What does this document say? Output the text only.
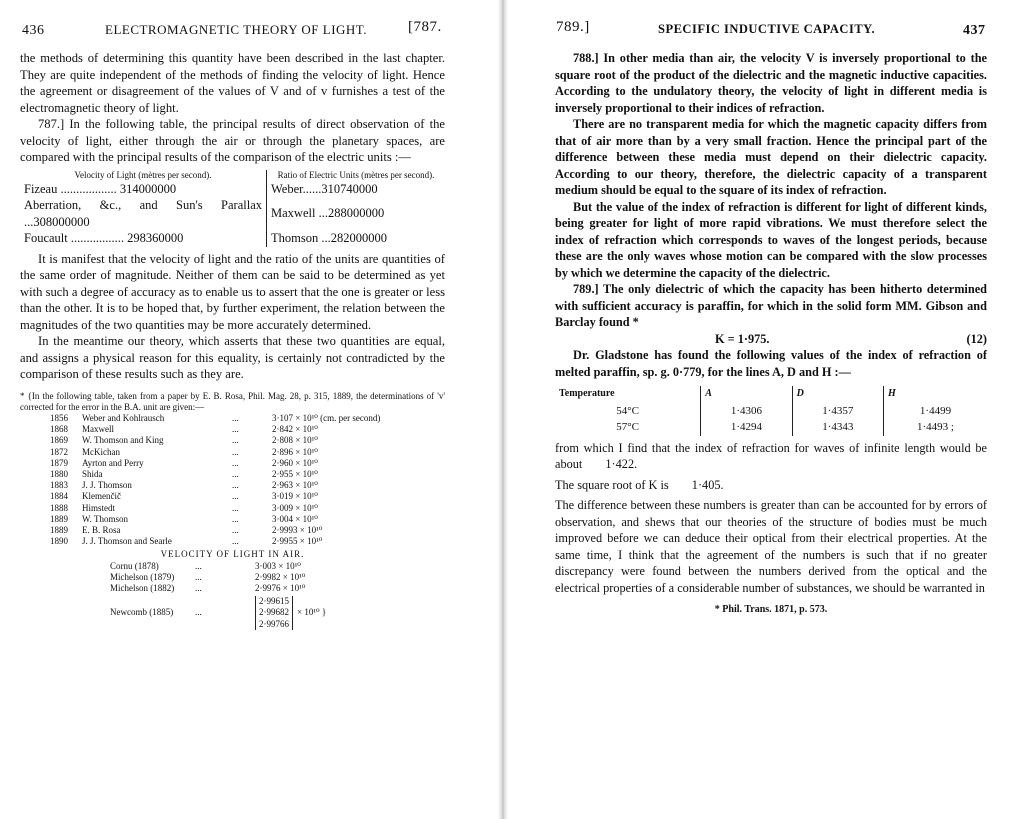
436	ELECTROMAGNETIC THEORY OF LIGHT.	[787.

the methods of determining this quantity have been described in the last chapter. They are quite independent of the methods of finding the velocity of light. Hence the agreement or disagreement of the values of V and of v furnishes a test of the electromagnetic theory of light.

787.] In the following table, the principal results of direct observation of the velocity of light, either through the air or through the planetary spaces, are compared with the principal results of the comparison of the electric units :—

Velocity of Light (mètres per second).	Ratio of Electric Units (mètres per second).
Fizeau .................. 314000000	Weber......310740000
Aberration, &c., and Sun's Parallax ...308000000	Maxwell ...288000000
Foucault ................. 298360000	Thomson ...282000000

It is manifest that the velocity of light and the ratio of the units are quantities of the same order of magnitude. Neither of them can be said to be determined as yet with such a degree of accuracy as to enable us to assert that the one is greater or less than the other. It is to be hoped that, by further experiment, the relation between the magnitudes of the two quantities may be more accurately determined.

In the meantime our theory, which asserts that these two quantities are equal, and assigns a physical reason for this equality, is certainly not contradicted by the comparison of these results such as they are.

* {In the following table, taken from a paper by E. B. Rosa, Phil. Mag. 28, p. 315, 1889, the determinations of 'v' corrected for the error in the B.A. unit are given:—
1856	Weber and Kohlrausch	...	3·107 × 10¹⁰ (cm. per second)
1868	Maxwell	...	2·842 × 10¹⁰
1869	W. Thomson and King	...	2·808 × 10¹⁰
1872	McKichan	...	2·896 × 10¹⁰
1879	Ayrton and Perry	...	2·960 × 10¹⁰
1880	Shida	...	2·955 × 10¹⁰
1883	J. J. Thomson	...	2·963 × 10¹⁰
1884	Klemenčič	...	3·019 × 10¹⁰
1888	Himstedt	...	3·009 × 10¹⁰
1889	W. Thomson	...	3·004 × 10¹⁰
1889	E. B. Rosa	...	2·9993 × 10¹⁰
1890	J. J. Thomson and Searle	...	2·9955 × 10¹⁰
VELOCITY OF LIGHT IN AIR.
Cornu (1878)	...	3·003 × 10¹⁰
Michelson (1879)	...	2·9982 × 10¹⁰
Michelson (1882)	...	2·9976 × 10¹⁰
Newcomb (1885)	...
2·99615
2·99682
2·99766
× 10¹⁰ }
789.]	SPECIFIC INDUCTIVE CAPACITY.	437

788.] In other media than air, the velocity V is inversely proportional to the square root of the product of the dielectric and the magnetic inductive capacities. According to the undulatory theory, the velocity of light in different media is inversely proportional to their indices of refraction.

There are no transparent media for which the magnetic capacity differs from that of air more than by a very small fraction. Hence the principal part of the difference between these media must depend on their dielectric capacity. According to our theory, therefore, the dielectric capacity of a transparent medium should be equal to the square of its index of refraction.

But the value of the index of refraction is different for light of different kinds, being greater for light of more rapid vibrations. We must therefore select the index of refraction which corresponds to waves of the longest periods, because these are the only waves whose motion can be compared with the slow processes by which we determine the capacity of the dielectric.

789.] The only dielectric of which the capacity has been hitherto determined with sufficient accuracy is paraffin, for which in the solid form MM. Gibson and Barclay found *

K = 1·975.	(12)

Dr. Gladstone has found the following values of the index of refraction of melted paraffin, sp. g. 0·779, for the lines A, D and H :—

Temperature	A	D	H
54°C	1·4306	1·4357	1·4499
57°C	1·4294	1·4343	1·4493 ;

from which I find that the index of refraction for waves of infinite length would be about 1·422.

The square root of K is 1·405.

The difference between these numbers is greater than can be accounted for by errors of observation, and shews that our theories of the structure of bodies must be much improved before we can deduce their optical from their electrical properties. At the same time, I think that the agreement of the numbers is such that if no greater discrepancy were found between the numbers derived from the optical and the electrical properties of a considerable number of substances, we should be warranted in

* Phil. Trans. 1871, p. 573.
